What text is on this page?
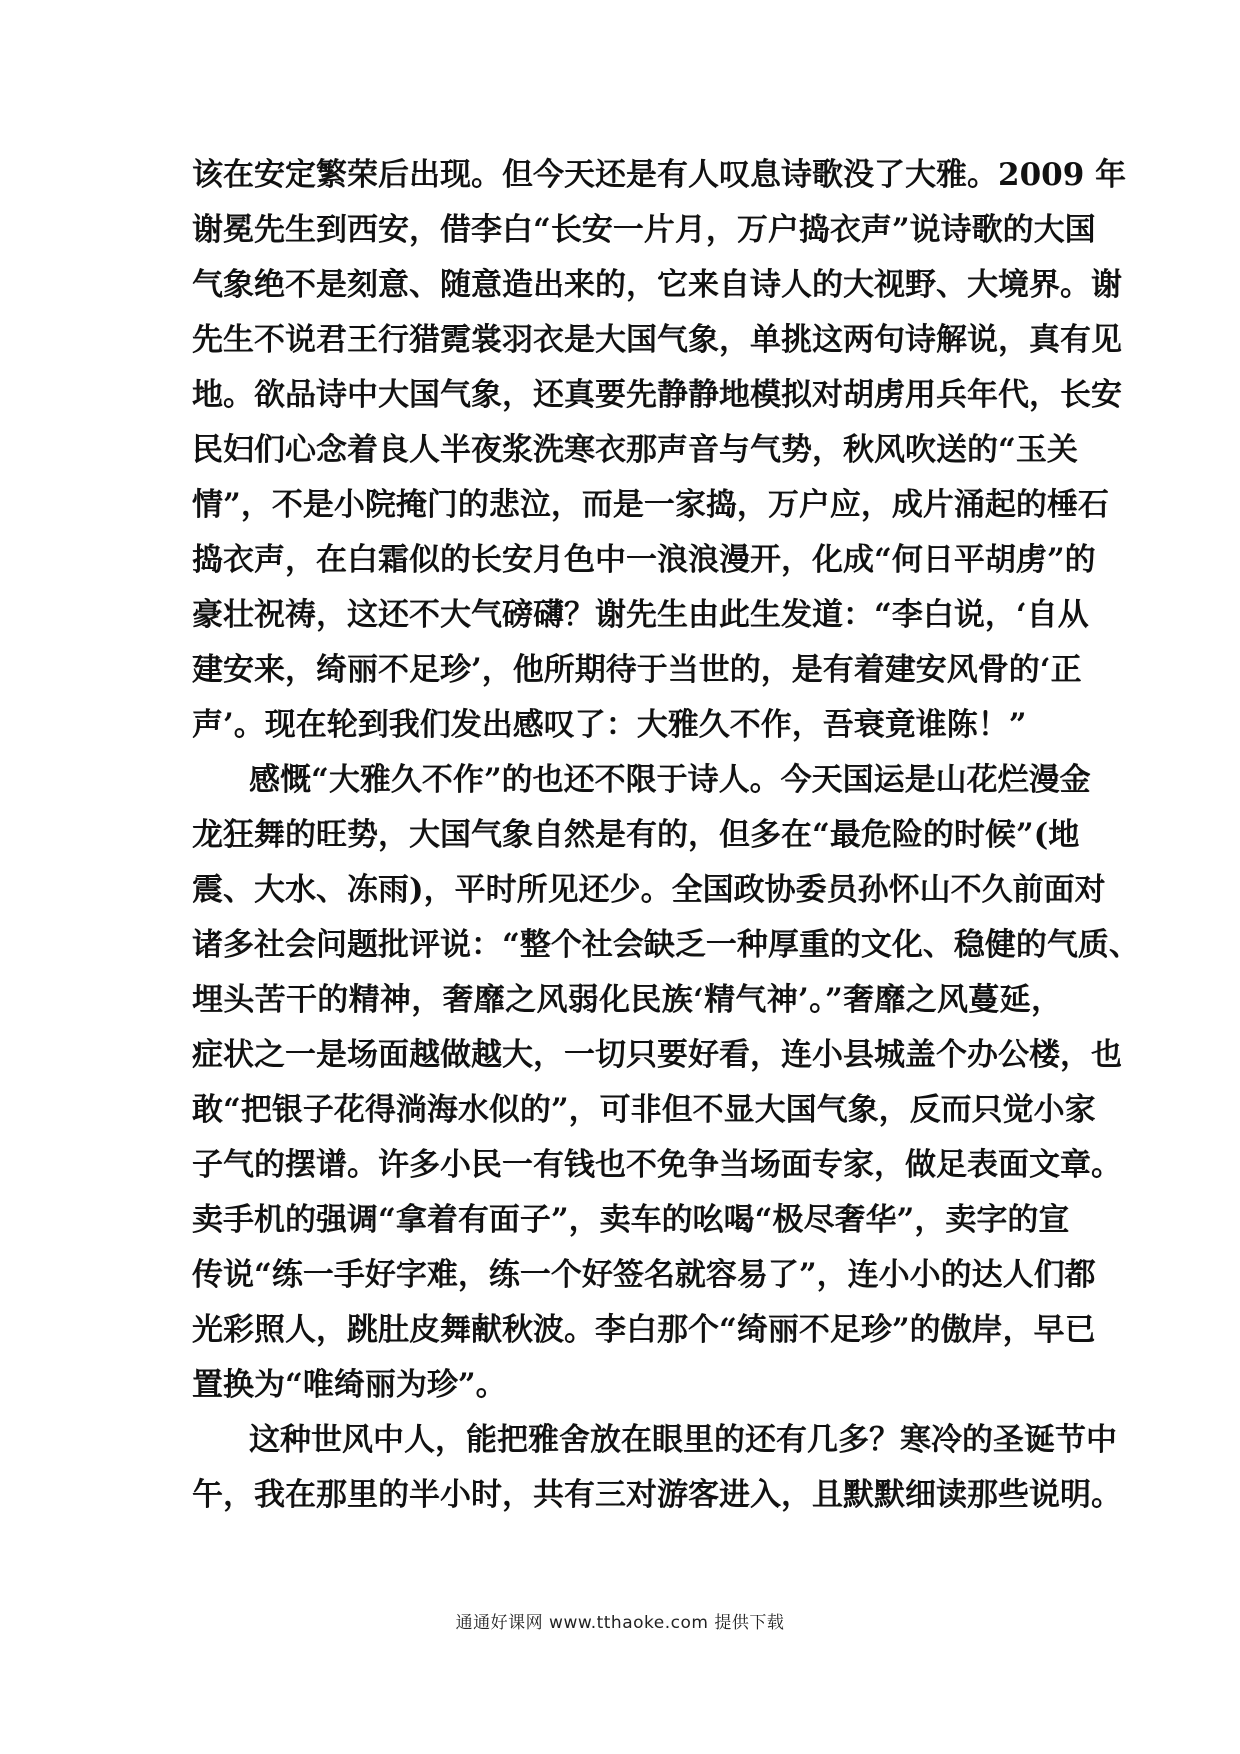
该在安定繁荣后出现。但今天还是有人叹息诗歌没了大雅。2009 年
谢冕先生到西安，借李白“长安一片月，万户捣衣声”说诗歌的大国
气象绝不是刻意、随意造出来的，它来自诗人的大视野、大境界。谢
先生不说君王行猎霓裳羽衣是大国气象，单挑这两句诗解说，真有见
地。欲品诗中大国气象，还真要先静静地模拟对胡虏用兵年代，长安
民妇们心念着良人半夜浆洗寒衣那声音与气势，秋风吹送的“玉关
情”，不是小院掩门的悲泣，而是一家捣，万户应，成片涌起的棰石
捣衣声，在白霜似的长安月色中一浪浪漫开，化成“何日平胡虏”的
豪壮祝祷，这还不大气磅礴？谢先生由此生发道：“李白说，‘自从
建安来，绮丽不足珍’，他所期待于当世的，是有着建安风骨的‘正
声’。现在轮到我们发出感叹了：大雅久不作，吾衰竟谁陈！”
感慨“大雅久不作”的也还不限于诗人。今天国运是山花烂漫金
龙狂舞的旺势，大国气象自然是有的，但多在“最危险的时候”(地
震、大水、冻雨)，平时所见还少。全国政协委员孙怀山不久前面对
诸多社会问题批评说：“整个社会缺乏一种厚重的文化、稳健的气质、
埋头苦干的精神，奢靡之风弱化民族‘精气神’。”奢靡之风蔓延，
症状之一是场面越做越大，一切只要好看，连小县城盖个办公楼，也
敢“把银子花得淌海水似的”，可非但不显大国气象，反而只觉小家
子气的摆谱。许多小民一有钱也不免争当场面专家，做足表面文章。
卖手机的强调“拿着有面子”，卖车的吆喝“极尽奢华”，卖字的宣
传说“练一手好字难，练一个好签名就容易了”，连小小的达人们都
光彩照人，跳肚皮舞献秋波。李白那个“绮丽不足珍”的傲岸，早已
置换为“唯绮丽为珍”。
这种世风中人，能把雅舍放在眼里的还有几多？寒冷的圣诞节中
午，我在那里的半小时，共有三对游客进入，且默默细读那些说明。
通通好课网 www.tthaoke.com 提供下载
